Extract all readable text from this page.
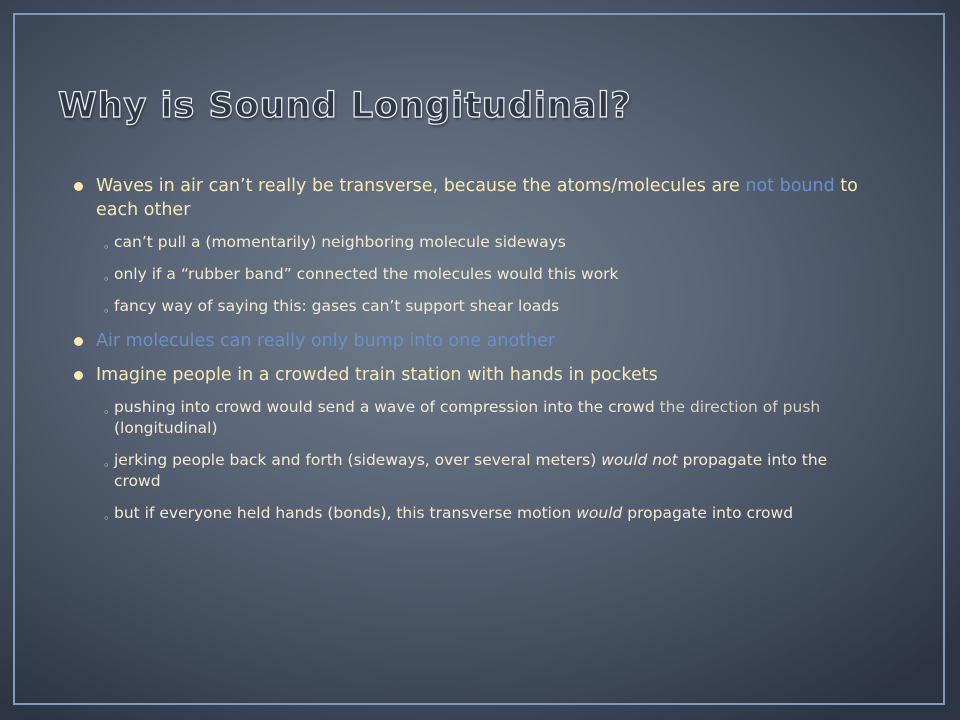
Why is Sound Longitudinal?
Waves in air can’t really be transverse, because the atoms/molecules are not bound to each other
◦ can’t pull a (momentarily) neighboring molecule sideways
◦ only if a “rubber band” connected the molecules would this work
◦ fancy way of saying this: gases can’t support shear loads
Air molecules can really only bump into one another
Imagine people in a crowded train station with hands in pockets
◦ pushing into crowd would send a wave of compression into the crowd the direction of push (longitudinal)
◦ jerking people back and forth (sideways, over several meters) would not propagate into the crowd
◦ but if everyone held hands (bonds), this transverse motion would propagate into crowd
